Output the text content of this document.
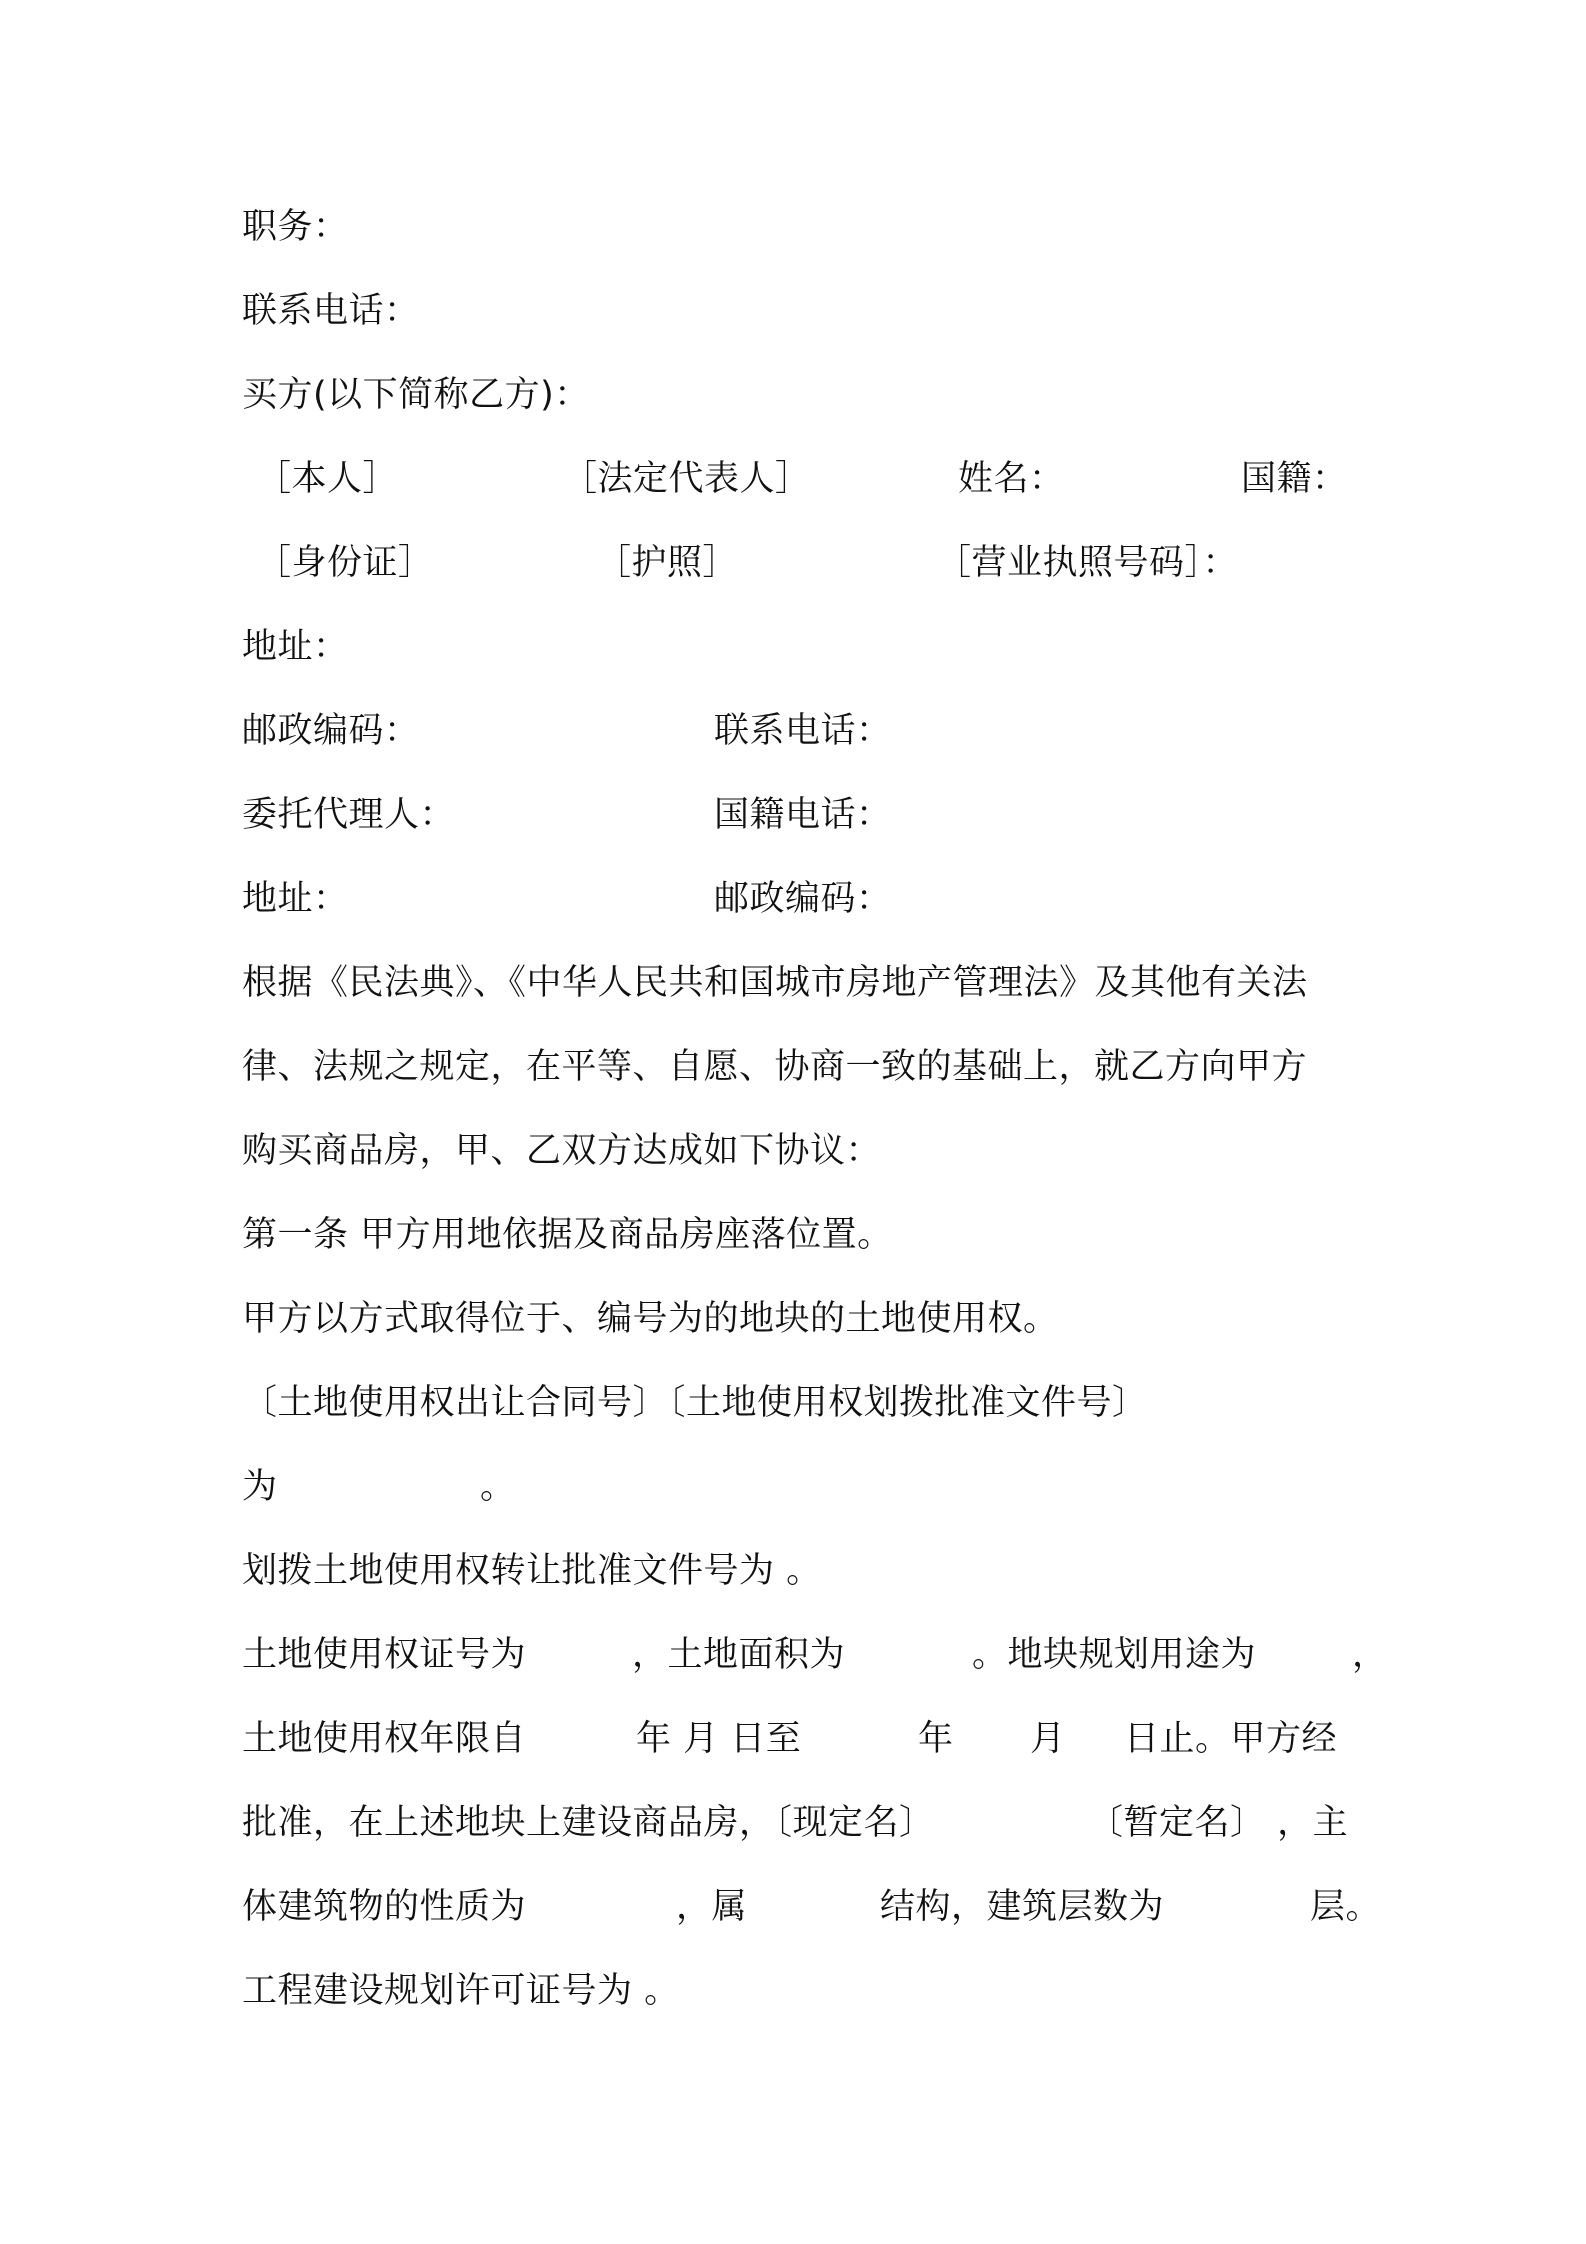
职务：
联系电话：
买方(以下简称乙方)：
［本人］	［法定代表人］	姓名：	国籍：
［身份证］	［护照］	［营业执照号码］：
地址：
邮政编码：	联系电话：
委托代理人：	国籍电话：
地址：	邮政编码：
根据《民法典》、《中华人民共和国城市房地产管理法》及其他有关法
律、法规之规定，在平等、自愿、协商一致的基础上，就乙方向甲方
购买商品房，甲、乙双方达成如下协议：
第一条 甲方用地依据及商品房座落位置。
甲方以方式取得位于、编号为的地块的土地使用权。
〔土地使用权出让合同号〕〔土地使用权划拨批准文件号〕
为	。
划拨土地使用权转让批准文件号为 。
土地使用权证号为	，土地面积为	。地块规划用途为	，
土地使用权年限自	年 月 日至	年 月 日止。甲方经
批准，在上述地块上建设商品房，〔现定名〕	〔暂定名〕 ，主
体建筑物的性质为	，属	结构，建筑层数为	层。
工程建设规划许可证号为 。
